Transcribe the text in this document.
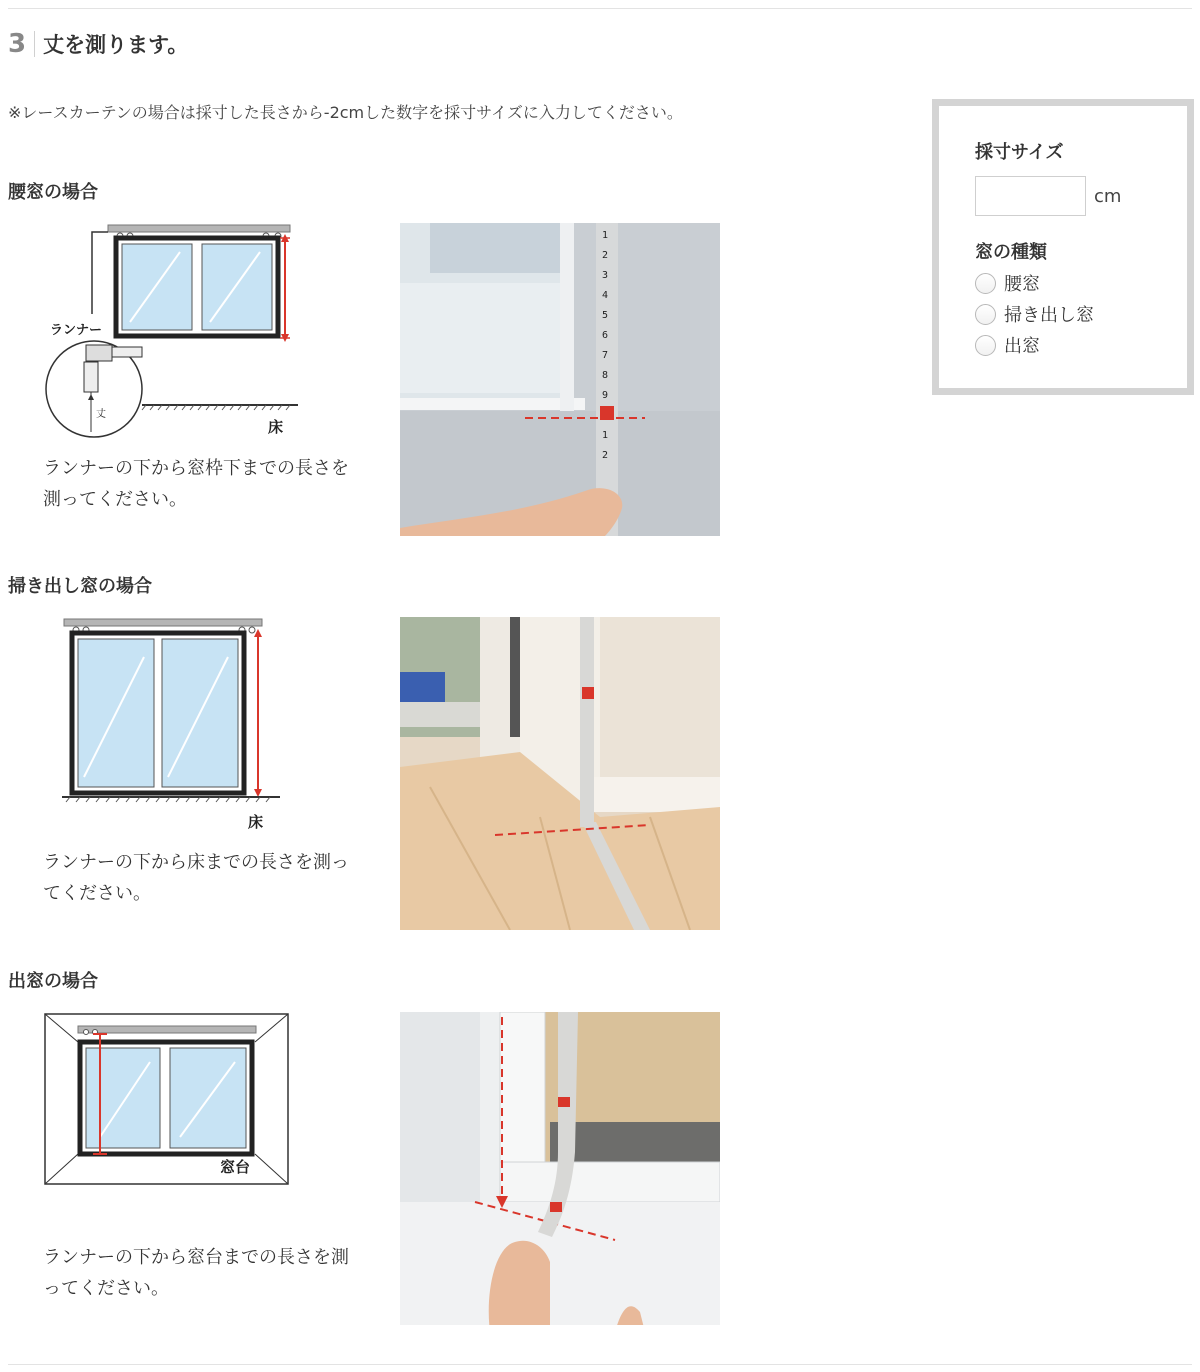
3 丈を測ります。
※レースカーテンの場合は採寸した長さから-2cmした数字を採寸サイズに入力してください。
腰窓の場合
ランナー
丈
床
ランナーの下から窓枠下までの長さを測ってください。
1
2
3
4
5
6
7
8
9
1
2
掃き出し窓の場合
床
ランナーの下から床までの長さを測ってください。
出窓の場合
窓台
ランナーの下から窓台までの長さを測ってください。
採寸サイズ
cm
窓の種類
腰窓
掃き出し窓
出窓
